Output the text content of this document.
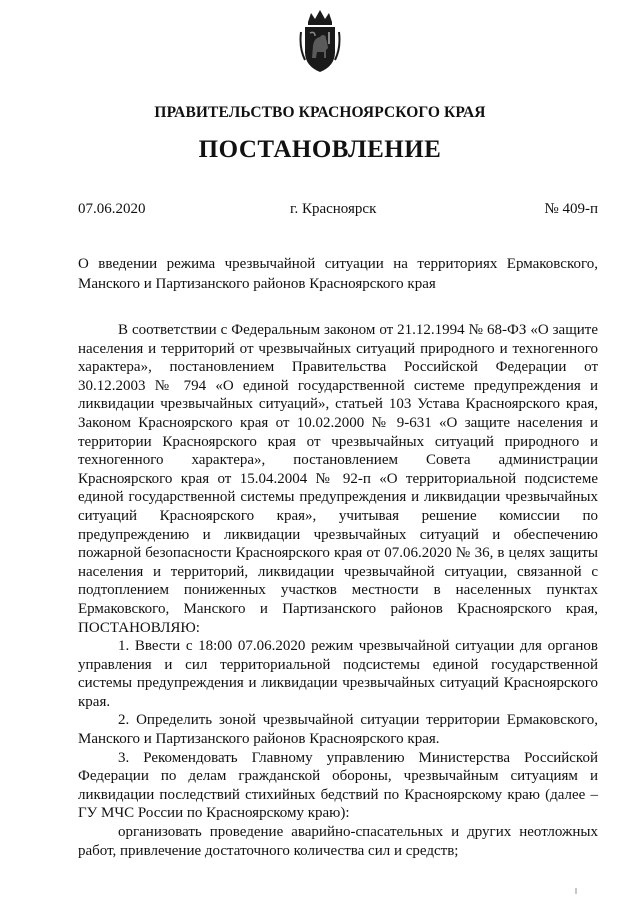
ПРАВИТЕЛЬСТВО КРАСНОЯРСКОГО КРАЯ
ПОСТАНОВЛЕНИЕ
07.06.2020	г. Красноярск	№ 409-п
О введении режима чрезвычайной ситуации на территориях Ермаковского, Манского и Партизанского районов Красноярского края

В соответствии с Федеральным законом от 21.12.1994 № 68-ФЗ «О защите населения и территорий от чрезвычайных ситуаций природного и техногенного характера», постановлением Правительства Российской Федерации от 30.12.2003 № 794 «О единой государственной системе предупреждения и ликвидации чрезвычайных ситуаций», статьей 103 Устава Красноярского края, Законом Красноярского края от 10.02.2000 № 9-631 «О защите населения и территории Красноярского края от чрезвычайных ситуаций природного и техногенного характера», постановлением Совета администрации Красноярского края от 15.04.2004 № 92-п «О территориальной подсистеме единой государственной системы предупреждения и ликвидации чрезвычайных ситуаций Красноярского края», учитывая решение комиссии по предупреждению и ликвидации чрезвычайных ситуаций и обеспечению пожарной безопасности Красноярского края от 07.06.2020 № 36, в целях защиты населения и территорий, ликвидации чрезвычайной ситуации, связанной с подтоплением пониженных участков местности в населенных пунктах Ермаковского, Манского и Партизанского районов Красноярского края, ПОСТАНОВЛЯЮ:

1. Ввести с 18:00 07.06.2020 режим чрезвычайной ситуации для органов управления и сил территориальной подсистемы единой государственной системы предупреждения и ликвидации чрезвычайных ситуаций Красноярского края.

2. Определить зоной чрезвычайной ситуации территории Ермаковского, Манского и Партизанского районов Красноярского края.

3. Рекомендовать Главному управлению Министерства Российской Федерации по делам гражданской обороны, чрезвычайным ситуациям и ликвидации последствий стихийных бедствий по Красноярскому краю (далее – ГУ МЧС России по Красноярскому краю):

организовать проведение аварийно-спасательных и других неотложных работ, привлечение достаточного количества сил и средств;
